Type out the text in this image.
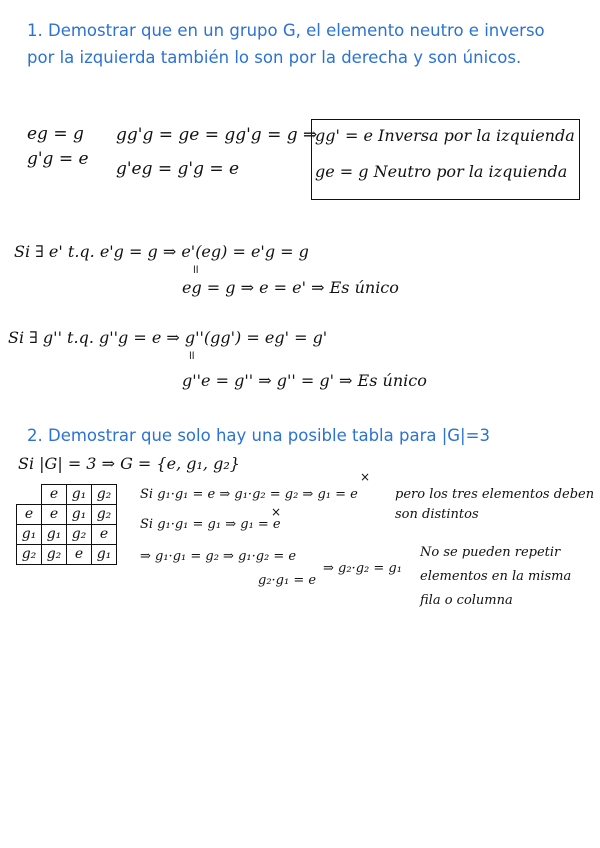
1. Demostrar que en un grupo G, el elemento neutro e inverso por la izquierda también lo son por la derecha y son únicos.

eg = g
g'g = e
gg'g = ge = gg'g = g ⇒
g'eg = g'g = e
gg' = e Inversa por la izquienda
ge = g Neutro por la izquienda
Si ∃ e' t.q. e'g = g ⇒ e'(eg) = e'g = g
ll
eg = g ⇒ e = e' ⇒ Es único
Si ∃ g'' t.q. g''g = e ⇒ g''(gg') = eg' = g'
ll
g''e = g'' ⇒ g'' = g' ⇒ Es único

2. Demostrar que solo hay una posible tabla para |G|=3

Si |G| = 3 ⇒ G = {e, g₁, g₂}
	e	g₁	g₂
e	e	g₁	g₂
g₁	g₁	g₂	e
g₂	g₂	e	g₁
Si g₁·g₁ = e ⇒ g₁·g₂ = g₂ ⇒ g₁ = e
×
pero los tres elementos deben
son distintos
Si g₁·g₁ = g₁ ⇒ g₁ = e
×
⇒ g₁·g₁ = g₂ ⇒ g₁·g₂ = e
g₂·g₁ = e
⇒ g₂·g₂ = g₁
No se pueden repetir
elementos en la misma
fila o columna
